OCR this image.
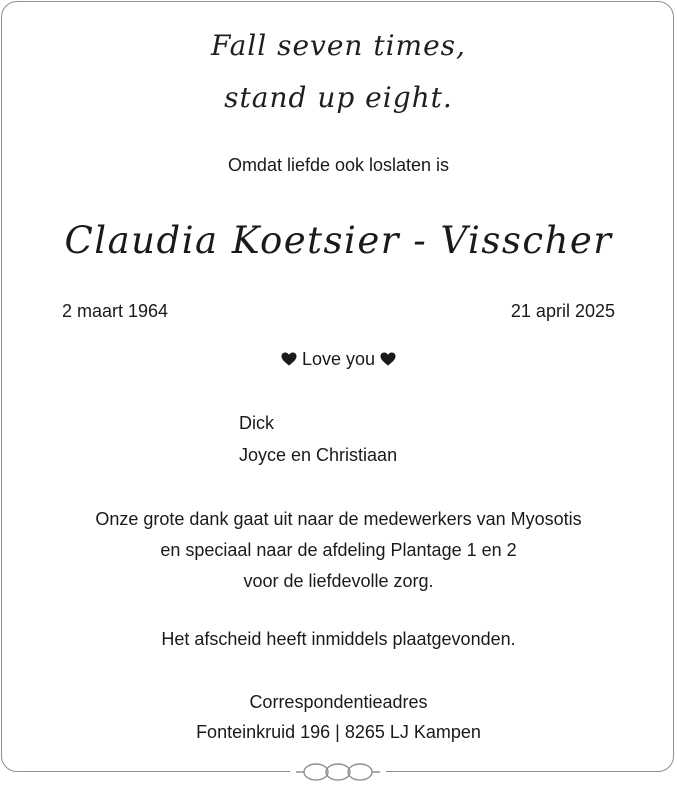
Fall seven times,
stand up eight.
Omdat liefde ook loslaten is
Claudia Koetsier - Visscher
2 maart 1964	21 april 2025
Love you
Dick
Joyce en Christiaan
Onze grote dank gaat uit naar de medewerkers van Myosotis
en speciaal naar de afdeling Plantage 1 en 2
voor de liefdevolle zorg.
Het afscheid heeft inmiddels plaatgevonden.
Correspondentieadres
Fonteinkruid 196 | 8265 LJ Kampen
